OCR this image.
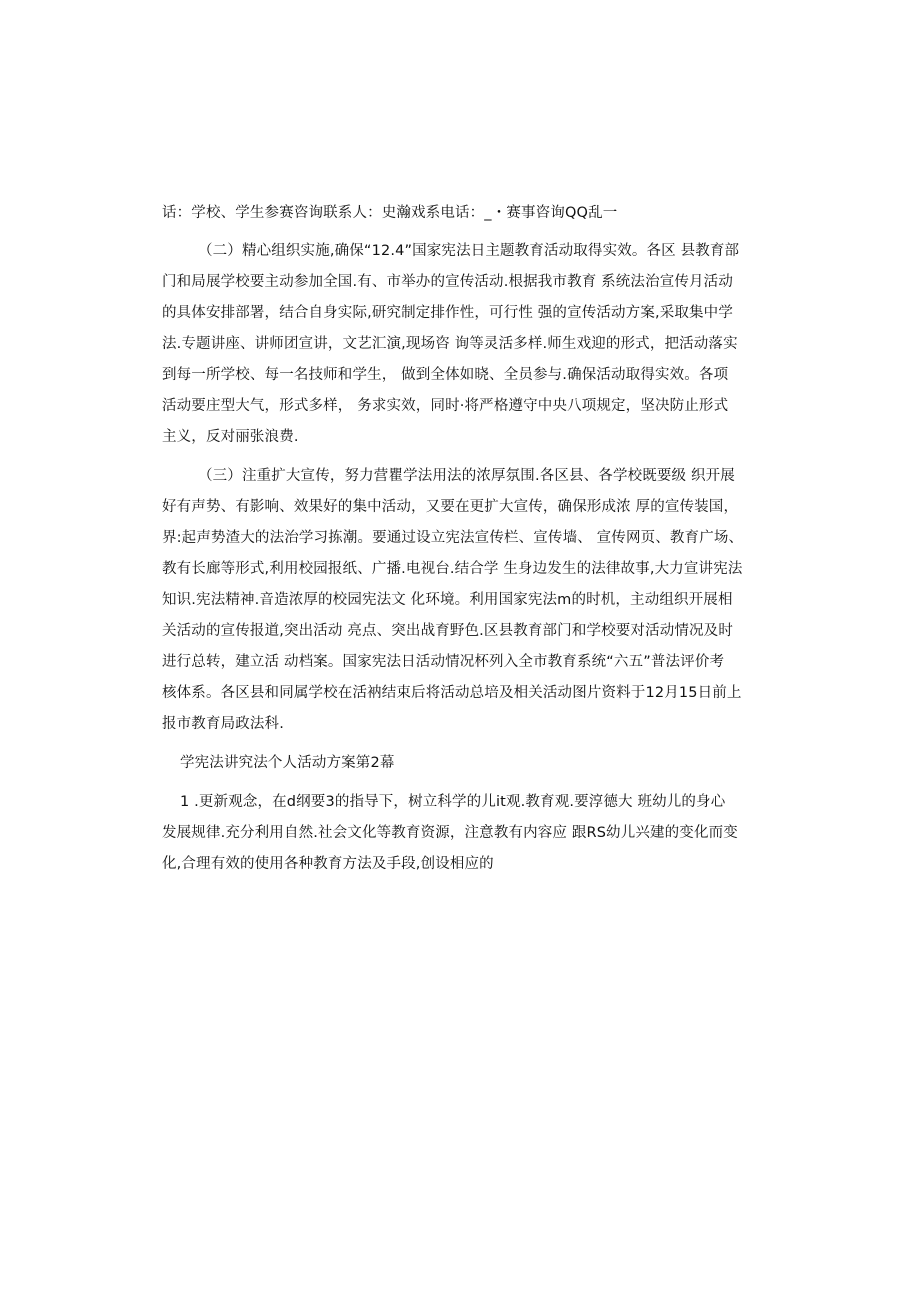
话：学校、学生参赛咨询联系人：史瀚戏系电话：_・赛事咨询QQ乱一
（二）精心组织实施,确保“12.4”国家宪法日主题教育活动取得实效。各区 县教育部
门和局展学校要主动参加全国.有、市举办的宣传活动.根据我市教育 系统法治宣传月活动
的具体安排部署，结合自身实际,研究制定排作性，可行性 强的宣传活动方案,采取集中学
法.专题讲座、讲师团宣讲，文艺汇演,现场咨 询等灵活多样.师生戏迎的形式，把活动落实
到每一所学校、每一名技师和学生， 做到全体如晓、全员参与.确保活动取得实效。各项
活动要庄型大气，形式多样， 务求实效，同时·将严格遵守中央八项规定，坚决防止形式
主义，反对丽张浪费.
（三）注重扩大宣传，努力营瞿学法用法的浓厚氛围.各区县、各学校既要级 织开展
好有声势、有影响、效果好的集中活动，又要在更扩大宣传，确保形成浓 厚的宣传装国，
界:起声势渣大的法治学习拣潮。要通过设立宪法宣传栏、宣传墙、 宣传网页、教育广场、
教有长廊等形式,利用校园报纸、广播.电视台.结合学 生身边发生的法律故事,大力宣讲宪法
知识.宪法精神.音造浓厚的校园宪法文 化环境。利用国家宪法m的时机，主动组织开展相
关活动的宣传报道,突出活动 亮点、突出战育野色.区县教育部门和学校要对活动情况及时
进行总转，建立活 动档案。国家宪法日活动情况杯列入全市教育系统“六五”普法评价考
核体系。各区县和同属学校在活衲结束后将活动总培及相关活动图片资料于12月15日前上
报市教育局政法科.
学宪法讲究法个人活动方案第2幕
1 .更新观念，在d纲要3的指导下，树立科学的儿it观.教育观.要淳德大 班幼儿的身心
发展规律.充分利用自然.社会文化等教育资源，注意教有内容应 跟RS幼儿兴建的变化而变
化,合理有效的使用各种教育方法及手段,创设相应的
